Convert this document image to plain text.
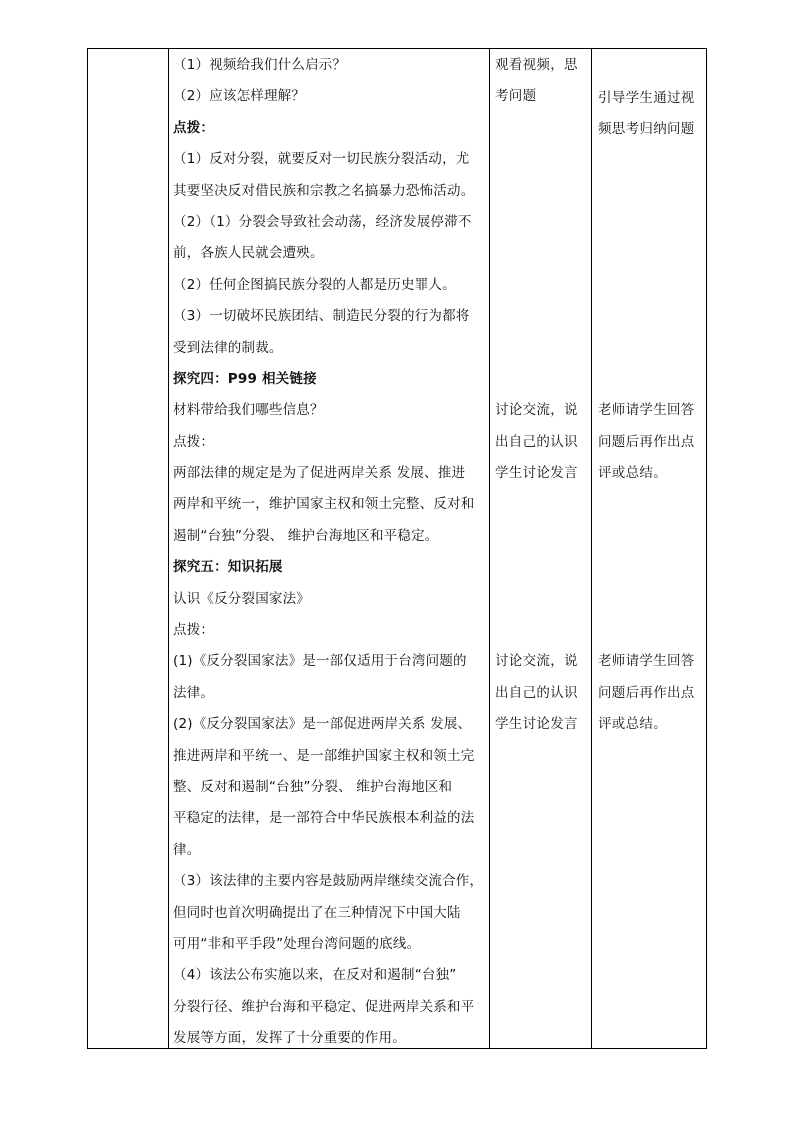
（1）视频给我们什么启示？
（2）应该怎样理解？
点拨：
（1）反对分裂，就要反对一切民族分裂活动，尤
其要坚决反对借民族和宗教之名搞暴力恐怖活动。
（2）（1）分裂会导致社会动荡，经济发展停滞不
前，各族人民就会遭殃。
（2）任何企图搞民族分裂的人都是历史罪人。
（3）一切破坏民族团结、制造民分裂的行为都将
受到法律的制裁。
探究四：P99 相关链接
材料带给我们哪些信息？
点拨：
两部法律的规定是为了促进两岸关系 发展、推进
两岸和平统一，维护国家主权和领土完整、反对和
遏制“台独”分裂、 维护台海地区和平稳定。
探究五：知识拓展
认识《反分裂国家法》
点拨：
(1)《反分裂国家法》是一部仅适用于台湾问题的
法律。
(2)《反分裂国家法》是一部促进两岸关系 发展、
推进两岸和平统一、是一部维护国家主权和领土完
整、反对和遏制“台独”分裂、 维护台海地区和
平稳定的法律，是一部符合中华民族根本利益的法
律。
（3）该法律的主要内容是鼓励两岸继续交流合作，
但同时也首次明确提出了在三种情况下中国大陆
可用“非和平手段”处理台湾问题的底线。
（4）该法公布实施以来，在反对和遏制“台独”
分裂行径、维护台海和平稳定、促进两岸关系和平
发展等方面，发挥了十分重要的作用。
观看视频，思
考问题
讨论交流，说
出自己的认识
学生讨论发言
讨论交流，说
出自己的认识
学生讨论发言
引导学生通过视
频思考归纳问题
老师请学生回答
问题后再作出点
评或总结。
老师请学生回答
问题后再作出点
评或总结。
